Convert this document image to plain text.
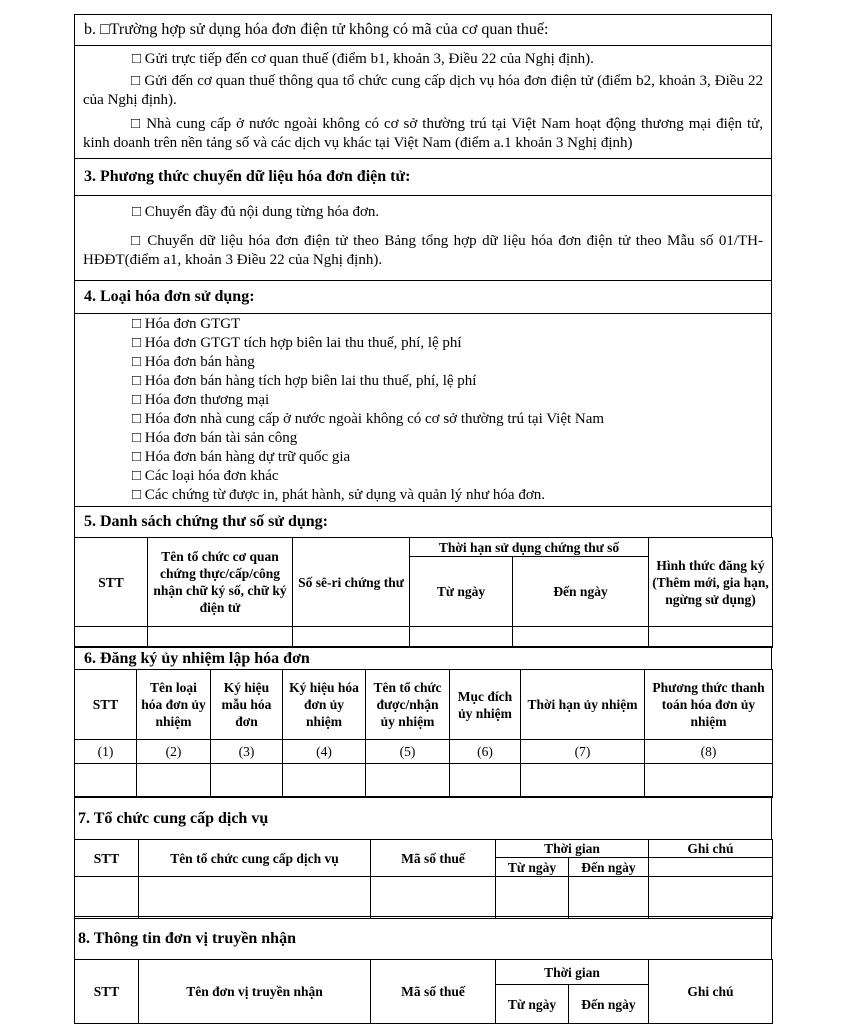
b. □Trường hợp sử dụng hóa đơn điện tử không có mã của cơ quan thuế:
□ Gửi trực tiếp đến cơ quan thuế (điểm b1, khoản 3, Điều 22 của Nghị định).
□ Gửi đến cơ quan thuế thông qua tổ chức cung cấp dịch vụ hóa đơn điện tử (điểm b2, khoản 3, Điều 22 của Nghị định).
□ Nhà cung cấp ở nước ngoài không có cơ sở thường trú tại Việt Nam hoạt động thương mại điện tử, kinh doanh trên nền tảng số và các dịch vụ khác tại Việt Nam (điểm a.1 khoản 3 Nghị định)
3. Phương thức chuyển dữ liệu hóa đơn điện tử:
□ Chuyển đầy đủ nội dung từng hóa đơn.
□ Chuyển dữ liệu hóa đơn điện tử theo Bảng tổng hợp dữ liệu hóa đơn điện tử theo Mẫu số 01/TH-HĐĐT(điểm a1, khoản 3 Điều 22 của Nghị định).
4. Loại hóa đơn sử dụng:
□ Hóa đơn GTGT
□ Hóa đơn GTGT tích hợp biên lai thu thuế, phí, lệ phí
□ Hóa đơn bán hàng
□ Hóa đơn bán hàng tích hợp biên lai thu thuế, phí, lệ phí
□ Hóa đơn thương mại
□ Hóa đơn nhà cung cấp ở nước ngoài không có cơ sở thường trú tại Việt Nam
□ Hóa đơn bán tài sản công
□ Hóa đơn bán hàng dự trữ quốc gia
□ Các loại hóa đơn khác
□ Các chứng từ được in, phát hành, sử dụng và quản lý như hóa đơn.
5. Danh sách chứng thư số sử dụng:
STT	Tên tổ chức cơ quan chứng thực/cấp/công nhận chữ ký số, chữ ký điện tử	Số sê-ri chứng thư	Thời hạn sử dụng chứng thư số		Hình thức đăng ký (Thêm mới, gia hạn, ngừng sử dụng)
			Từ ngày	Đến ngày	

6. Đăng ký ủy nhiệm lập hóa đơn
STT	Tên loại hóa đơn ủy nhiệm	Ký hiệu mẫu hóa đơn	Ký hiệu hóa đơn ủy nhiệm	Tên tổ chức được/nhận ủy nhiệm	Mục đích ủy nhiệm	Thời hạn ủy nhiệm	Phương thức thanh toán hóa đơn ủy nhiệm
(1)	(2)	(3)	(4)	(5)	(6)	(7)	(8)

7. Tổ chức cung cấp dịch vụ
STT	Tên tổ chức cung cấp dịch vụ	Mã số thuế	Thời gian		Ghi chú
			Từ ngày	Đến ngày	

8. Thông tin đơn vị truyền nhận
STT	Tên đơn vị truyền nhận	Mã số thuế	Thời gian		Ghi chú
			Từ ngày	Đến ngày	
